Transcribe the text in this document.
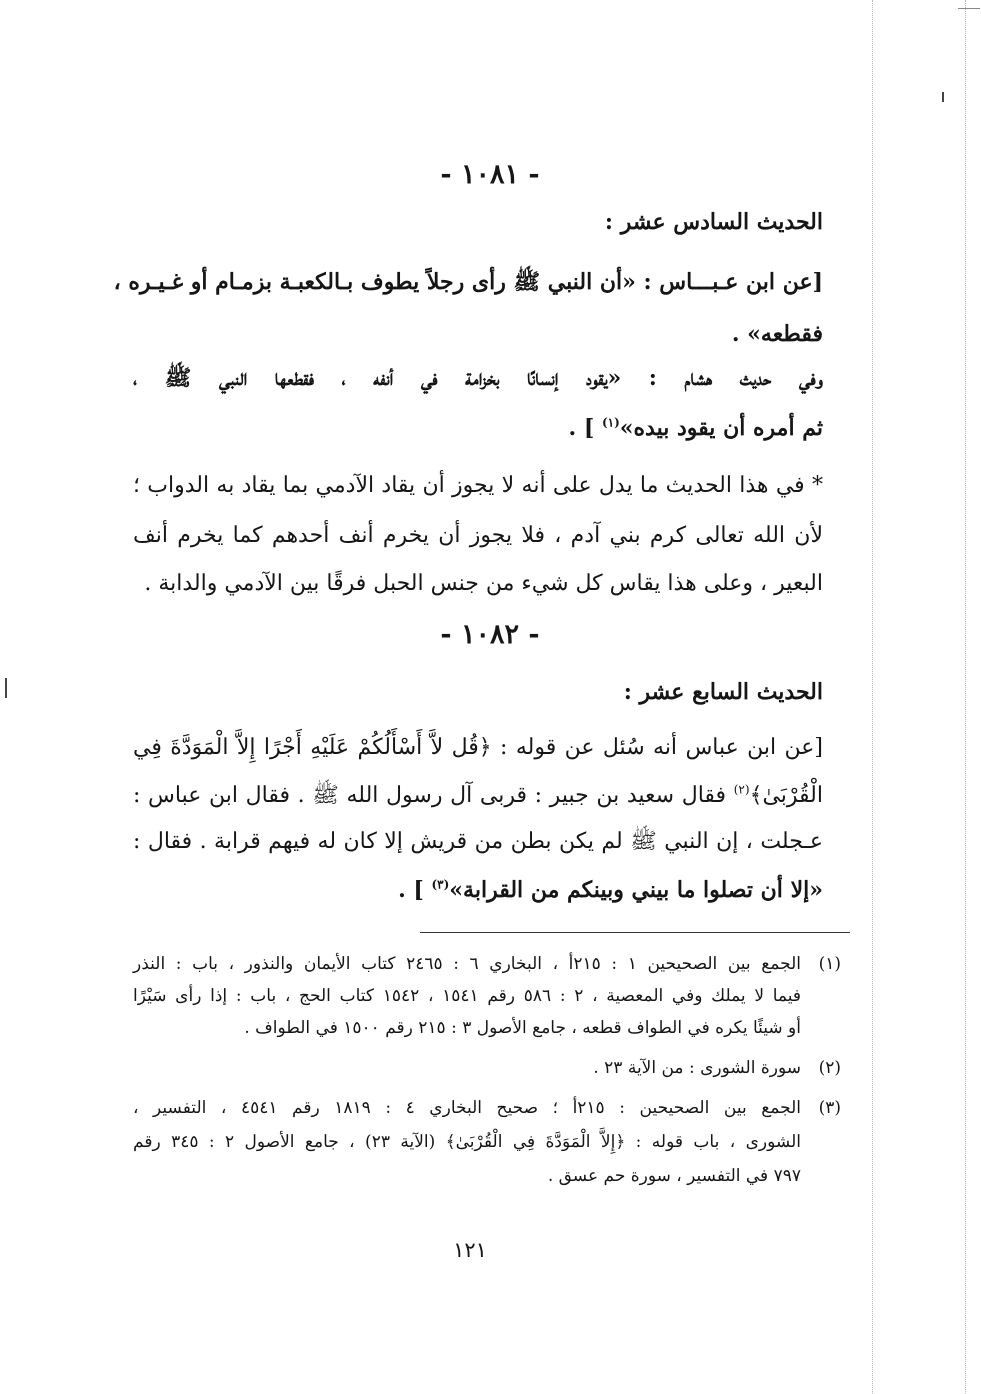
- ١٠٨١ -
الحديث السادس عشر :
[عن ابن عـبـــاس : «أن النبي ﷺ رأى رجلاً يطوف بـالكعبـة بزمـام أو غـيـره ،
فقطعه» .
وفي حديث هشام : «يقود إنسانًا بخزامة في أنفه ، فقطعها النبي ﷺ ،
ثم أمره أن يقود بيده»$^{(١)}$ ] .
* في هذا الحديث ما يدل على أنه لا يجوز أن يقاد الآدمي بما يقاد به الدواب ؛
لأن الله تعالى كرم بني آدم ، فلا يجوز أن يخرم أنف أحدهم كما يخرم أنف
البعير ، وعلى هذا يقاس كل شيء من جنس الحبل فرقًا بين الآدمي والدابة .
- ١٠٨٢ -
الحديث السابع عشر :
[عن ابن عباس أنه سُئل عن قوله : ﴿قُل لاَّ أَسْأَلُكُمْ عَلَيْهِ أَجْرًا إِلاَّ الْمَوَدَّةَ فِي
الْقُرْبَىٰ﴾$^{(٢)}$ فقال سعيد بن جبير : قربى آل رسول الله ﷺ . فقال ابن عباس :
عـجلت ، إن النبي ﷺ لم يكن بطن من قريش إلا كان له فيهم قرابة . فقال :
«إلا أن تصلوا ما بيني وبينكم من القرابة»$^{(٣)}$ ] .
(١)
الجمع بين الصحيحين ١ : ٢١٥أ ، البخاري ٦ : ٢٤٦٥ كتاب الأيمان والنذور ، باب : النذر
فيما لا يملك وفي المعصية ، ٢ : ٥٨٦ رقم ١٥٤١ ، ١٥٤٢ كتاب الحج ، باب : إذا رأى سَيْرًا
أو شيئًا يكره في الطواف قطعه ، جامع الأصول ٣ : ٢١٥ رقم ١٥٠٠ في الطواف .
(٢)
سورة الشورى : من الآية ٢٣ .
(٣)
الجمع بين الصحيحين : ٢١٥أ ؛ صحيح البخاري ٤ : ١٨١٩ رقم ٤٥٤١ ، التفسير ،
الشورى ، باب قوله : ﴿إِلاَّ الْمَوَدَّةَ فِي الْقُرْبَىٰ﴾ (الآية ٢٣) ، جامع الأصول ٢ : ٣٤٥ رقم
٧٩٧ في التفسير ، سورة حم عسق .
١٢١
